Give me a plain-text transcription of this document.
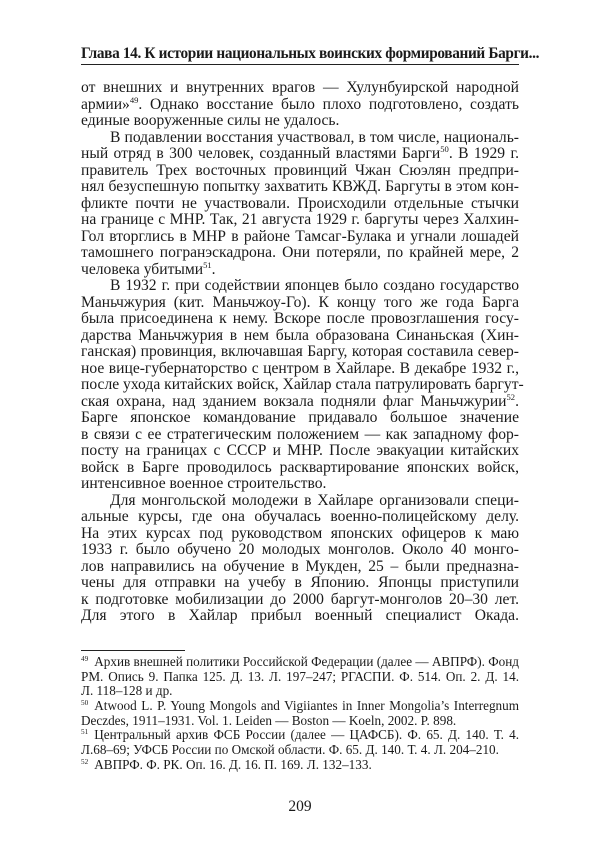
Глава 14. К истории национальных воинских формирований Барги...
от внешних и внутренних врагов — Хулунбуирской народной
армии»$^{49}$. Однако восстание было плохо подготовлено, создать
единые вооруженные силы не удалось.
В подавлении восстания участвовал, в том числе, националь-
ный отряд в 300 человек, созданный властями Барги$^{50}$. В 1929 г.
правитель Трех восточных провинций Чжан Сюэлян предпри-
нял безуспешную попытку захватить КВЖД. Баргуты в этом кон-
фликте почти не участвовали. Происходили отдельные стычки
на границе с МНР. Так, 21 августа 1929 г. баргуты через Халхин-
Гол вторглись в МНР в районе Тамсаг-Булака и угнали лошадей
тамошнего погранэскадрона. Они потеряли, по крайней мере, 2
человека убитыми$^{51}$.
В 1932 г. при содействии японцев было создано государство
Маньчжурия (кит. Маньчжоу-Го). К концу того же года Барга
была присоединена к нему. Вскоре после провозглашения госу-
дарства Маньчжурия в нем была образована Синаньская (Хин-
ганская) провинция, включавшая Баргу, которая составила север-
ное вице-губернаторство с центром в Хайларе. В декабре 1932 г.,
после ухода китайских войск, Хайлар стала патрулировать баргут-
ская охрана, над зданием вокзала подняли флаг Маньчжурии$^{52}$.
Барге японское командование придавало большое значение
в связи с ее стратегическим положением — как западному фор-
посту на границах с СССР и МНР. После эвакуации китайских
войск в Барге проводилось расквартирование японских войск,
интенсивное военное строительство.
Для монгольской молодежи в Хайларе организовали специ-
альные курсы, где она обучалась военно-полицейскому делу.
На этих курсах под руководством японских офицеров к маю
1933 г. было обучено 20 молодых монголов. Около 40 монго-
лов направились на обучение в Мукден, 25 – были предназна-
чены для отправки на учебу в Японию. Японцы приступили
к подготовке мобилизации до 2000 баргут-монголов 20–30 лет.
Для этого в Хайлар прибыл военный специалист Окада.
$^{49}$ Архив внешней политики Российской Федерации (далее — АВПРФ). Фонд
РМ. Опись 9. Папка 125. Д. 13. Л. 197–247; РГАСПИ. Ф. 514. Оп. 2. Д. 14.
Л. 118–128 и др.
$^{50}$ Atwood L. P. Young Mongols and Vigiiantes in Inner Mongolia’s Interregnum
Deczdes, 1911–1931. Vol. 1. Leiden — Boston — Koeln, 2002. P. 898.
$^{51}$ Центральный архив ФСБ России (далее — ЦАФСБ). Ф. 65. Д. 140. Т. 4.
Л.68–69; УФСБ России по Омской области. Ф. 65. Д. 140. Т. 4. Л. 204–210.
$^{52}$ АВПРФ. Ф. РК. Оп. 16. Д. 16. П. 169. Л. 132–133.
209
